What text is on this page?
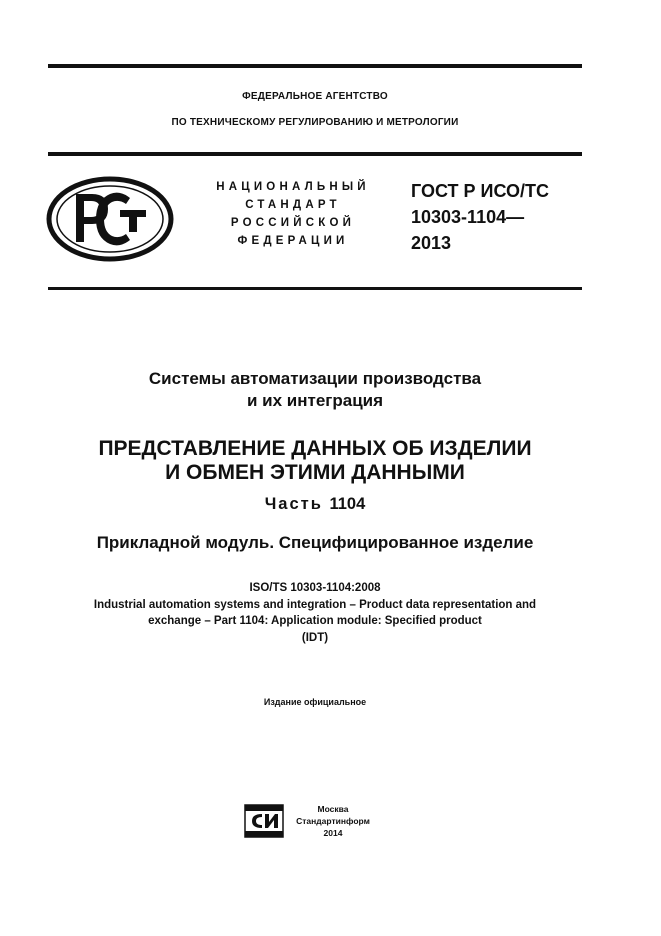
ФЕДЕРАЛЬНОЕ АГЕНТСТВО
ПО ТЕХНИЧЕСКОМУ РЕГУЛИРОВАНИЮ И МЕТРОЛОГИИ
НАЦИОНАЛЬНЫЙ
СТАНДАРТ
РОССИЙСКОЙ
ФЕДЕРАЦИИ
ГОСТ Р ИСО/ТС
10303-1104—
2013
Системы автоматизации производства
и их интеграция
ПРЕДСТАВЛЕНИЕ ДАННЫХ ОБ ИЗДЕЛИИ
И ОБМЕН ЭТИМИ ДАННЫМИ
Часть 1104
Прикладной модуль. Специфицированное изделие
ISO/TS 10303-1104:2008
Industrial automation systems and integration – Product data representation and
exchange – Part 1104: Application module: Specified product
(IDT)
Издание официальное
Москва
Стандартинформ
2014
